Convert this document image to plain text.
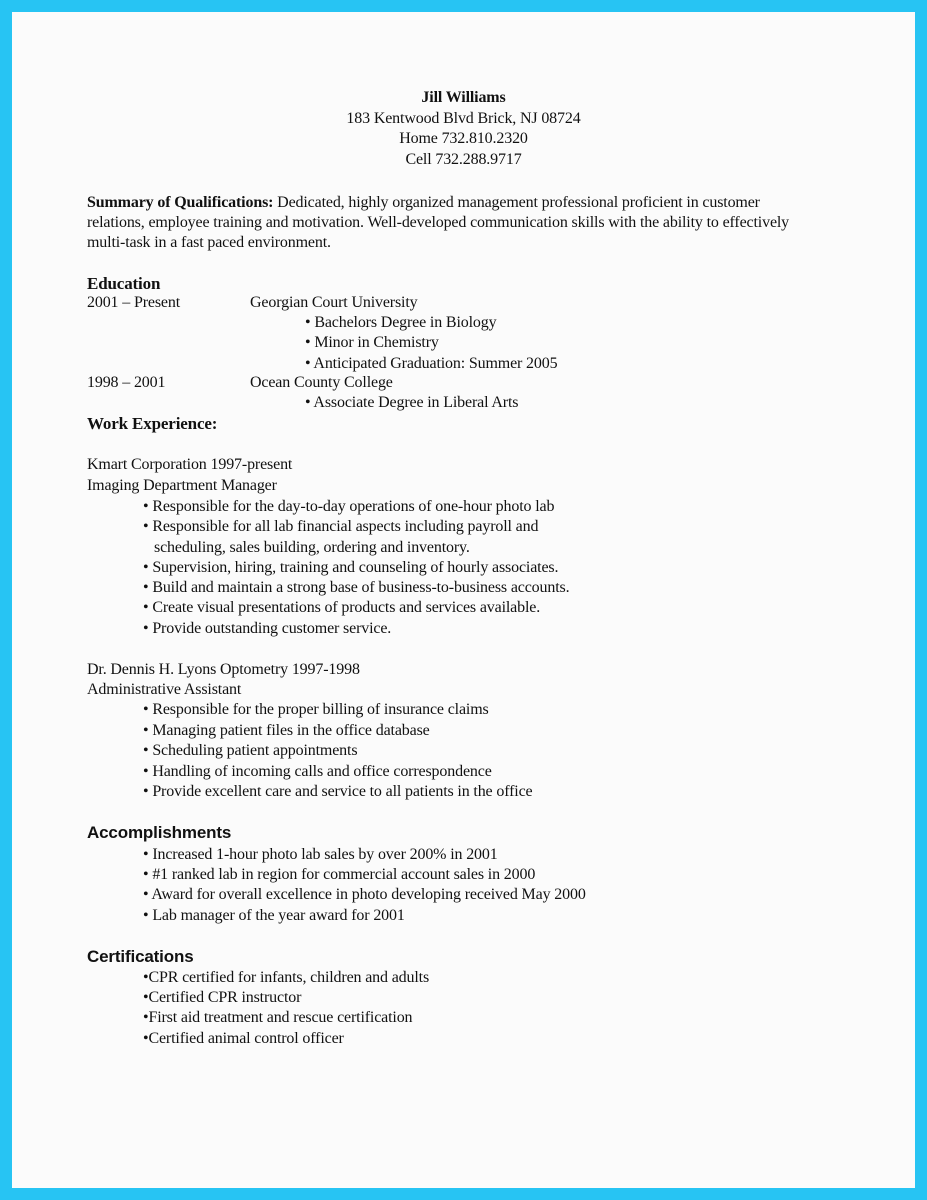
Jill Williams
183 Kentwood Blvd Brick, NJ 08724
Home 732.810.2320
Cell 732.288.9717
Summary of Qualifications: Dedicated, highly organized management professional proficient in customer
relations, employee training and motivation. Well-developed communication skills with the ability to effectively
multi-task in a fast paced environment.
Education
2001 – Present	Georgian Court University
• Bachelors Degree in Biology
• Minor in Chemistry
• Anticipated Graduation: Summer 2005
1998 – 2001	Ocean County College
• Associate Degree in Liberal Arts
Work Experience:
Kmart Corporation 1997-present
Imaging Department Manager
• Responsible for the day-to-day operations of one-hour photo lab
• Responsible for all lab financial aspects including payroll and
scheduling, sales building, ordering and inventory.
• Supervision, hiring, training and counseling of hourly associates.
• Build and maintain a strong base of business-to-business accounts.
• Create visual presentations of products and services available.
• Provide outstanding customer service.
Dr. Dennis H. Lyons Optometry 1997-1998
Administrative Assistant
• Responsible for the proper billing of insurance claims
• Managing patient files in the office database
• Scheduling patient appointments
• Handling of incoming calls and office correspondence
• Provide excellent care and service to all patients in the office
Accomplishments
• Increased 1-hour photo lab sales by over 200% in 2001
• #1 ranked lab in region for commercial account sales in 2000
• Award for overall excellence in photo developing received May 2000
• Lab manager of the year award for 2001
Certifications
•CPR certified for infants, children and adults
•Certified CPR instructor
•First aid treatment and rescue certification
•Certified animal control officer
